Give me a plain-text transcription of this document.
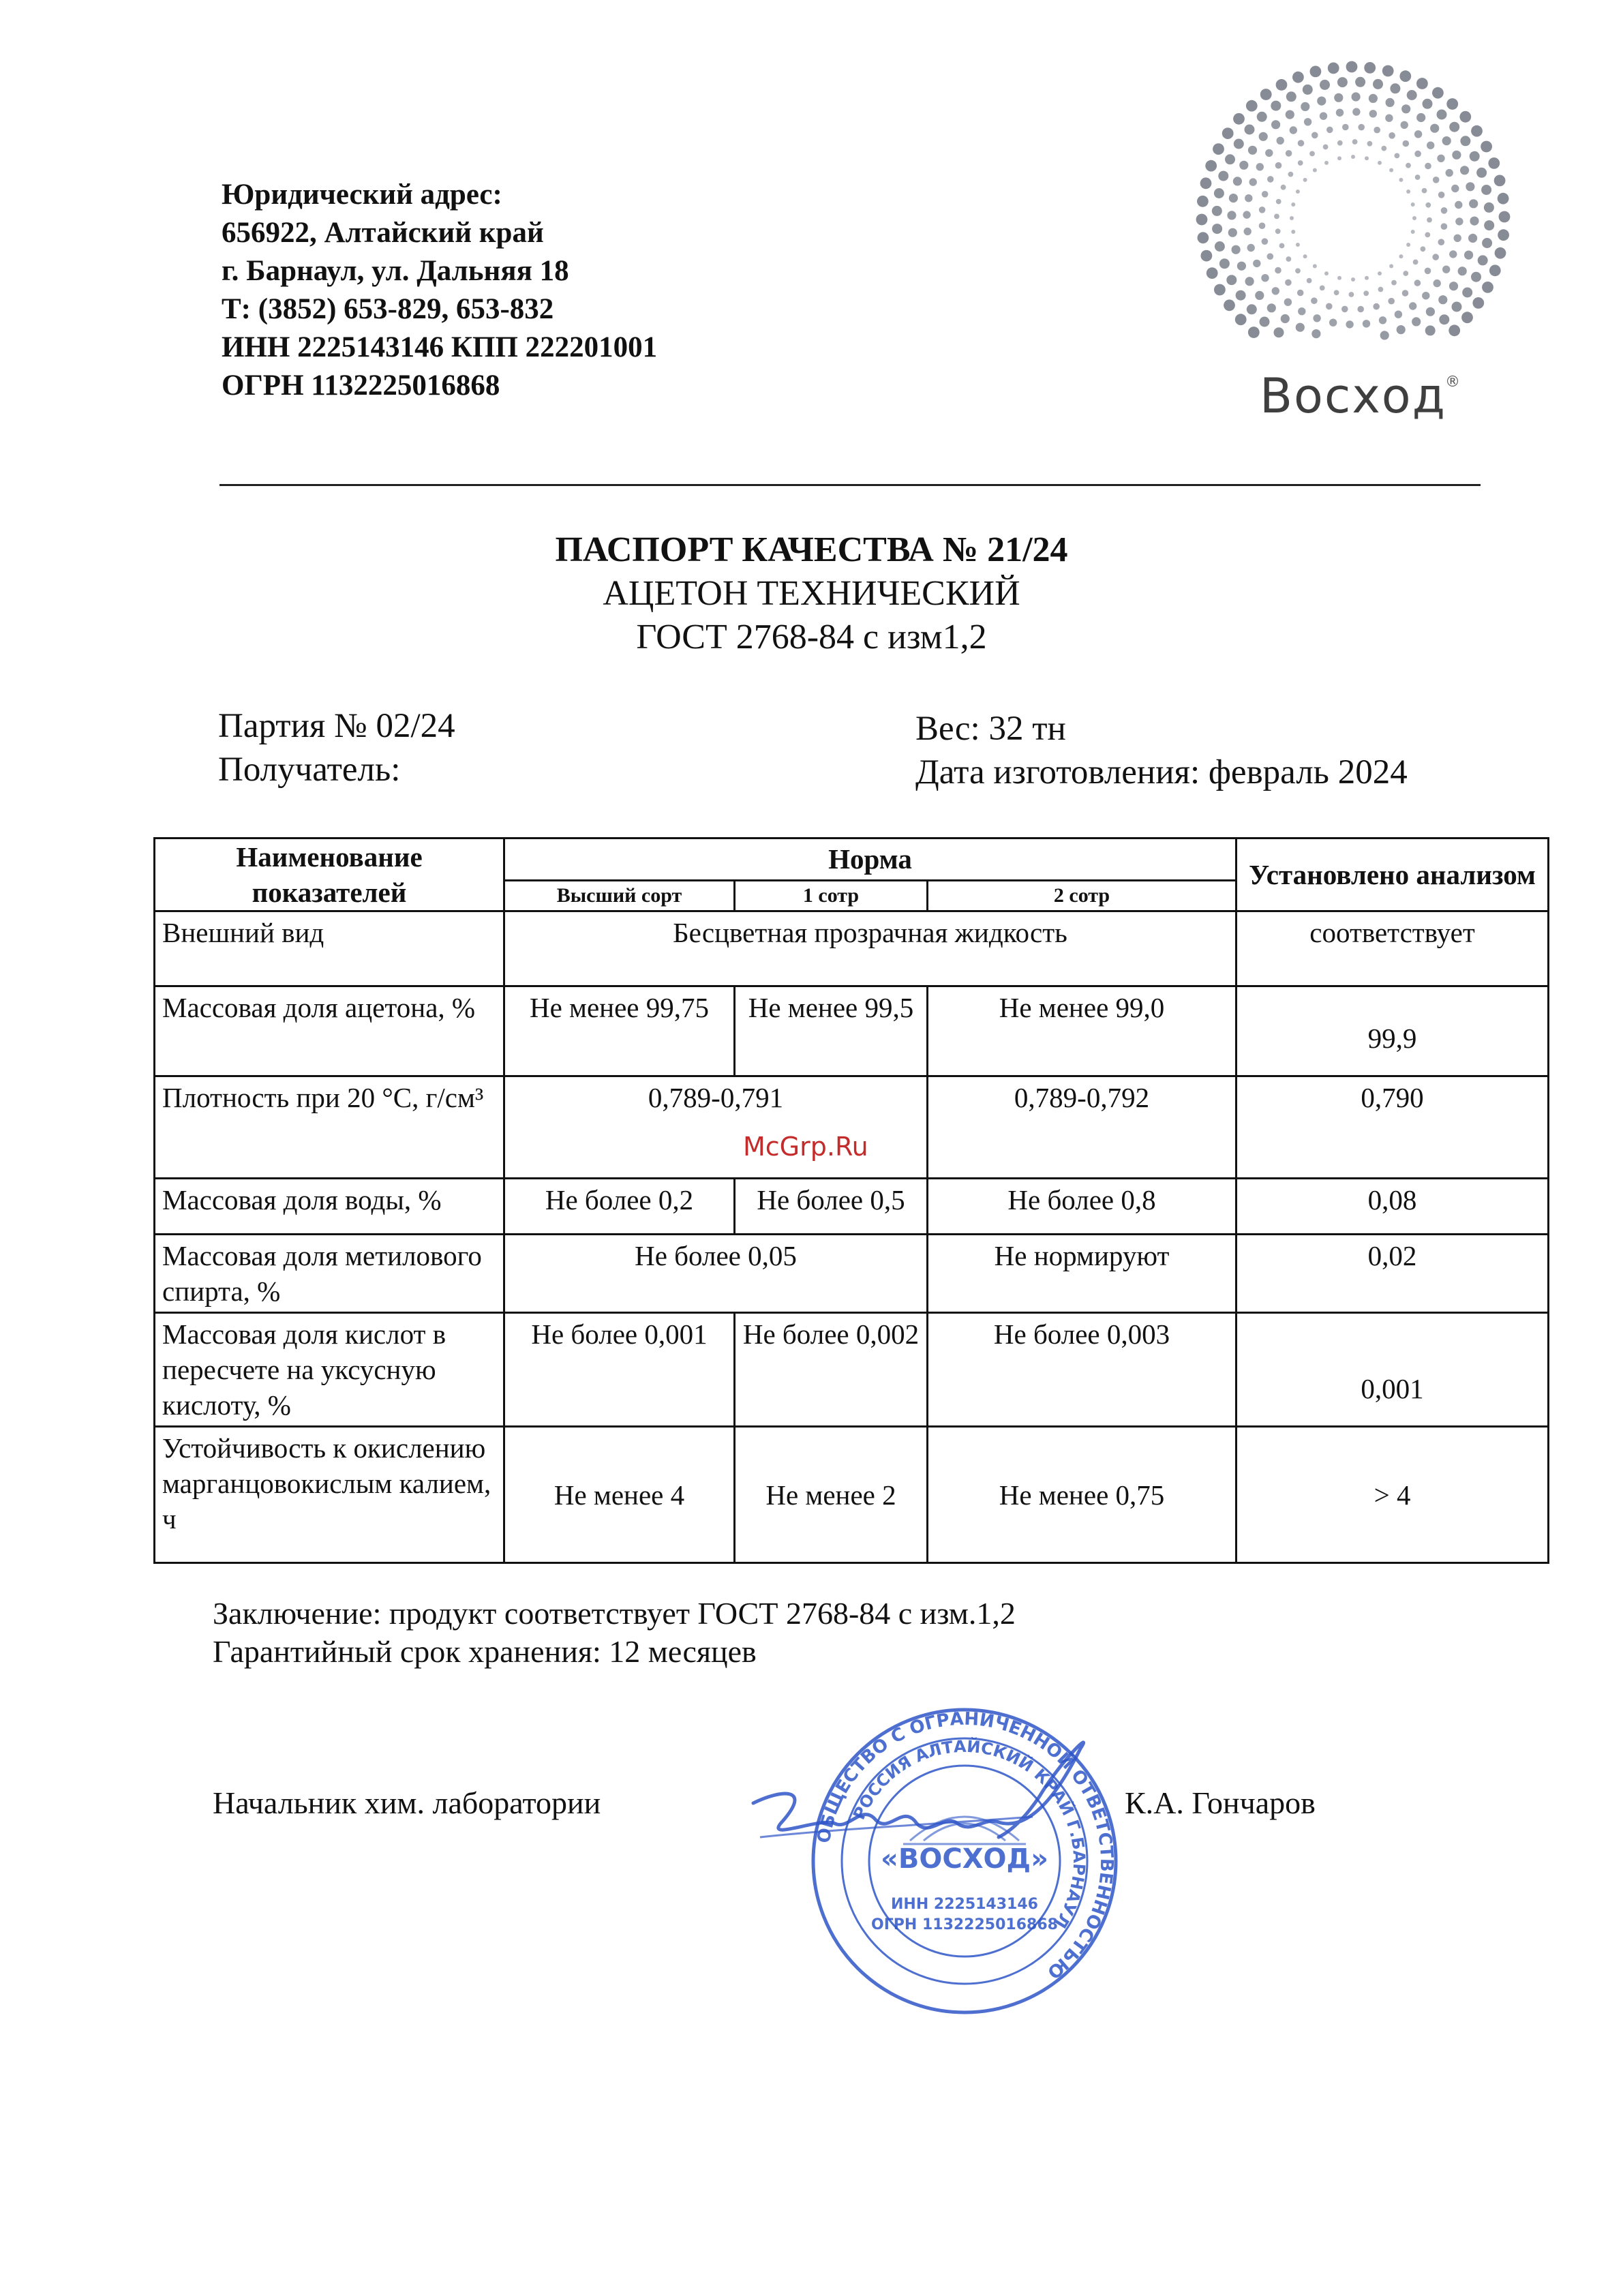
Юридический адрес:
656922, Алтайский край
г. Барнаул, ул. Дальняя 18
Т: (3852) 653-829, 653-832
ИНН 2225143146 КПП 222201001
ОГРН 1132225016868	Восход
®
ПАСПОРТ КАЧЕСТВА № 21/24
АЦЕТОН ТЕХНИЧЕСКИЙ
ГОСТ 2768-84 с изм1,2
Партия № 02/24
Получатель:
Вес: 32 тн
Дата изготовления: февраль 2024
Наименование показателей	Норма			Установлено анализом
	Высший сорт	1 сотр	2 сотр	
Внешний вид	Бесцветная прозрачная жидкость			соответствует
Массовая доля ацетона, %	Не менее 99,75	Не менее 99,5	Не менее 99,0	99,9
Плотность при 20 °С, г/см³	0,789-0,791		0,789-0,792	0,790
Массовая доля воды, %	Не более 0,2	Не более 0,5	Не более 0,8	0,08
Массовая доля метилового спирта, %	Не более 0,05		Не нормируют	0,02
Массовая доля кислот в пересчете на уксусную кислоту, %	Не более 0,001	Не более 0,002	Не более 0,003	0,001
Устойчивость к окислению марганцовокислым калием, ч	Не менее 4	Не менее 2	Не менее 0,75	> 4
McGrp.Ru
Заключение: продукт соответствует ГОСТ 2768-84 с изм.1,2
Гарантийный срок хранения: 12 месяцев
Начальник хим. лаборатории	К.А. Гончаров
ОБЩЕСТВО С ОГРАНИЧЕННОЙ ОТВЕТСТВЕННОСТЬЮ
РОССИЯ АЛТАЙСКИЙ КРАЙ Г.БАРНАУЛ
«ВОСХОД»
ИНН 2225143146
ОГРН 1132225016868
